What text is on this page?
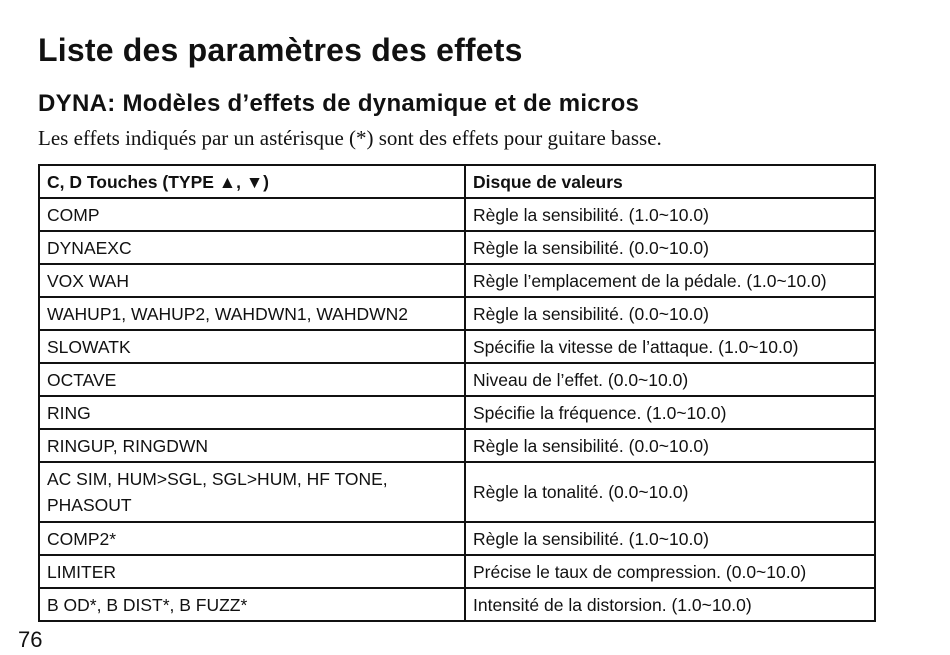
Liste des paramètres des effets
DYNA: Modèles d’effets de dynamique et de micros

Les effets indiqués par un astérisque (*) sont des effets pour guitare basse.

C, D Touches (TYPE ▲, ▼)	Disque de valeurs
COMP	Règle la sensibilité. (1.0~10.0)
DYNAEXC	Règle la sensibilité. (0.0~10.0)
VOX WAH	Règle l’emplacement de la pédale. (1.0~10.0)
WAHUP1, WAHUP2, WAHDWN1, WAHDWN2	Règle la sensibilité. (0.0~10.0)
SLOWATK	Spécifie la vitesse de l’attaque. (1.0~10.0)
OCTAVE	Niveau de l’effet. (0.0~10.0)
RING	Spécifie la fréquence. (1.0~10.0)
RINGUP, RINGDWN	Règle la sensibilité. (0.0~10.0)
AC SIM, HUM>SGL, SGL>HUM, HF TONE, PHASOUT	Règle la tonalité. (0.0~10.0)
COMP2*	Règle la sensibilité. (1.0~10.0)
LIMITER	Précise le taux de compression. (0.0~10.0)
B OD*, B DIST*, B FUZZ*	Intensité de la distorsion. (1.0~10.0)
76
